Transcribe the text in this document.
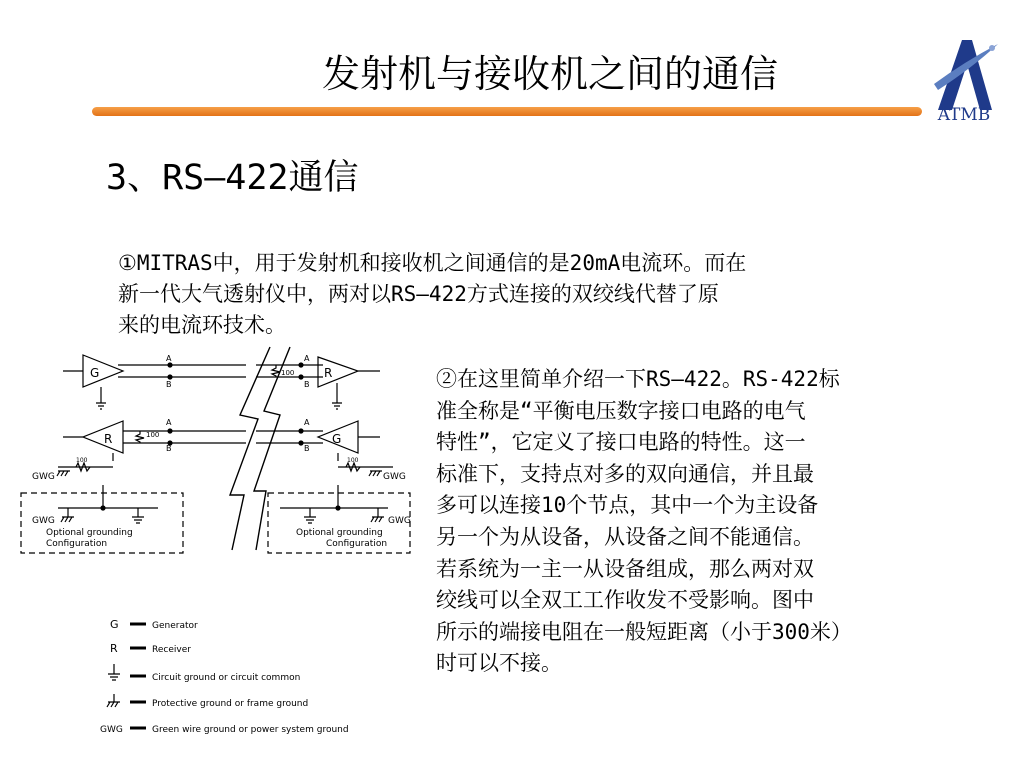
发射机与接收机之间的通信
ATMB
3、RS—422通信

①MITRAS中，用于发射机和接收机之间通信的是20mA电流环。而在

新一代大气透射仪中，两对以RS—422方式连接的双绞线代替了原

来的电流环技术。

②在这里简单介绍一下RS—422。RS-422标

准全称是“平衡电压数字接口电路的电气

特性”，它定义了接口电路的特性。这一

标准下，支持点对多的双向通信，并且最

多可以连接10个节点，其中一个为主设备

另一个为从设备，从设备之间不能通信。

若系统为一主一从设备组成，那么两对双

绞线可以全双工工作收发不受影响。图中

所示的端接电阻在一般短距离（小于300米）

时可以不接。

G
A
B
A
B
100 R
R	100
A
B
A
B
G
100
GWG
100
GWG
GWG
Optional grounding
Configuration
GWG
Optional grounding
Configuration
G	Generator
R	Receiver
Circuit ground or circuit common
Protective ground or frame ground
GWG	Green wire ground or power system ground
